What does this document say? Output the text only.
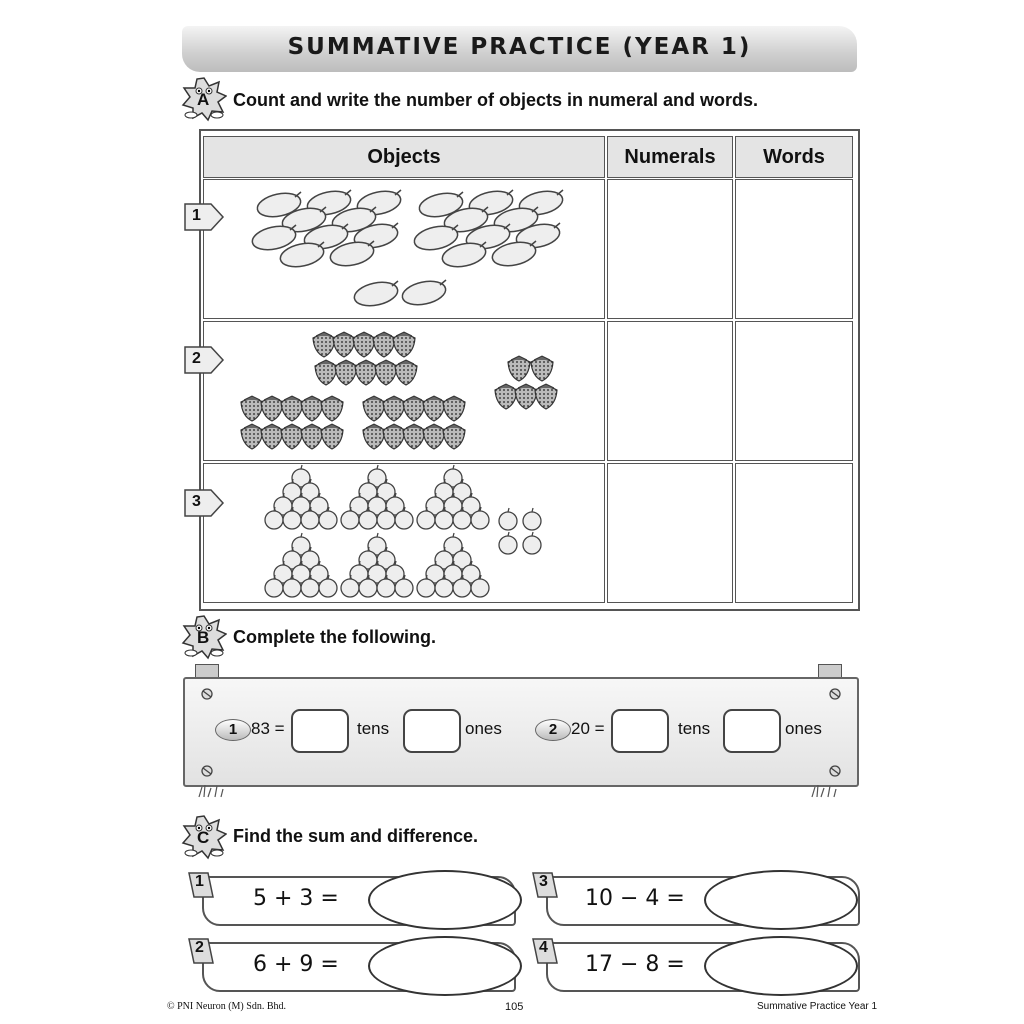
SUMMATIVE PRACTICE (YEAR 1)
A Count and write the number of objects in numeral and words.
Objects	Numerals	Words
1
2
3
B Complete the following.
1 83 =	tens	ones	2 20 =	tens	ones
C Find the sum and difference.
1
5 + 3 =
2
6 + 9 =
3
10 − 4 =
4
17 − 8 =
© PNI Neuron (M) Sdn. Bhd.	105	Summative Practice Year 1
